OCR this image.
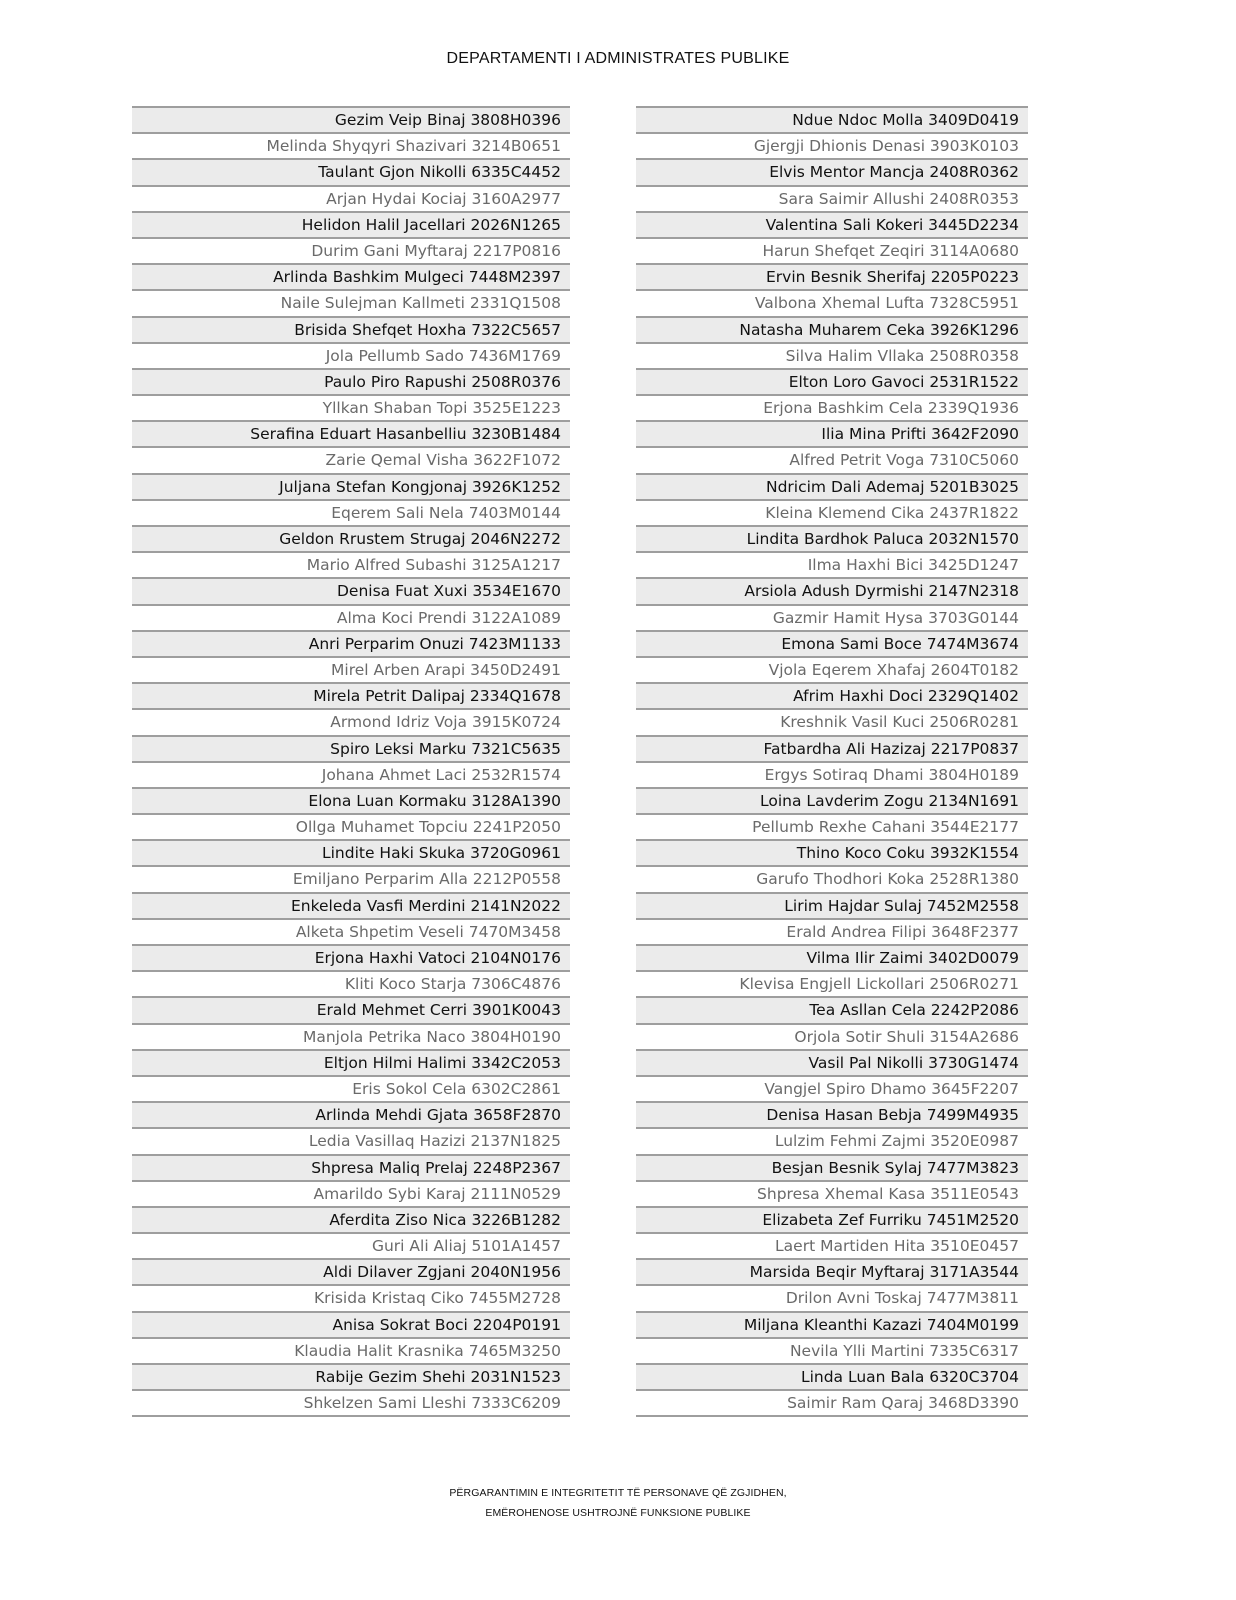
DEPARTAMENTI I ADMINISTRATES PUBLIKE
Gezim Veip Binaj 3808H0396
Melinda Shyqyri Shazivari 3214B0651
Taulant Gjon Nikolli 6335C4452
Arjan Hydai Kociaj 3160A2977
Helidon Halil Jacellari 2026N1265
Durim Gani Myftaraj 2217P0816
Arlinda Bashkim Mulgeci 7448M2397
Naile Sulejman Kallmeti 2331Q1508
Brisida Shefqet Hoxha 7322C5657
Jola Pellumb Sado 7436M1769
Paulo Piro Rapushi 2508R0376
Yllkan Shaban Topi 3525E1223
Serafina Eduart Hasanbelliu 3230B1484
Zarie Qemal Visha 3622F1072
Juljana Stefan Kongjonaj 3926K1252
Eqerem Sali Nela 7403M0144
Geldon Rrustem Strugaj 2046N2272
Mario Alfred Subashi 3125A1217
Denisa Fuat Xuxi 3534E1670
Alma Koci Prendi 3122A1089
Anri Perparim Onuzi 7423M1133
Mirel Arben Arapi 3450D2491
Mirela Petrit Dalipaj 2334Q1678
Armond Idriz Voja 3915K0724
Spiro Leksi Marku 7321C5635
Johana Ahmet Laci 2532R1574
Elona Luan Kormaku 3128A1390
Ollga Muhamet Topciu 2241P2050
Lindite Haki Skuka 3720G0961
Emiljano Perparim Alla 2212P0558
Enkeleda Vasfi Merdini 2141N2022
Alketa Shpetim Veseli 7470M3458
Erjona Haxhi Vatoci 2104N0176
Kliti Koco Starja 7306C4876
Erald Mehmet Cerri 3901K0043
Manjola Petrika Naco 3804H0190
Eltjon Hilmi Halimi 3342C2053
Eris Sokol Cela 6302C2861
Arlinda Mehdi Gjata 3658F2870
Ledia Vasillaq Hazizi 2137N1825
Shpresa Maliq Prelaj 2248P2367
Amarildo Sybi Karaj 2111N0529
Aferdita Ziso Nica 3226B1282
Guri Ali Aliaj 5101A1457
Aldi Dilaver Zgjani 2040N1956
Krisida Kristaq Ciko 7455M2728
Anisa Sokrat Boci 2204P0191
Klaudia Halit Krasnika 7465M3250
Rabije Gezim Shehi 2031N1523
Shkelzen Sami Lleshi 7333C6209
Ndue Ndoc Molla 3409D0419
Gjergji Dhionis Denasi 3903K0103
Elvis Mentor Mancja 2408R0362
Sara Saimir Allushi 2408R0353
Valentina Sali Kokeri 3445D2234
Harun Shefqet Zeqiri 3114A0680
Ervin Besnik Sherifaj 2205P0223
Valbona Xhemal Lufta 7328C5951
Natasha Muharem Ceka 3926K1296
Silva Halim Vllaka 2508R0358
Elton Loro Gavoci 2531R1522
Erjona Bashkim Cela 2339Q1936
Ilia Mina Prifti 3642F2090
Alfred Petrit Voga 7310C5060
Ndricim Dali Ademaj 5201B3025
Kleina Klemend Cika 2437R1822
Lindita Bardhok Paluca 2032N1570
Ilma Haxhi Bici 3425D1247
Arsiola Adush Dyrmishi 2147N2318
Gazmir Hamit Hysa 3703G0144
Emona Sami Boce 7474M3674
Vjola Eqerem Xhafaj 2604T0182
Afrim Haxhi Doci 2329Q1402
Kreshnik Vasil Kuci 2506R0281
Fatbardha Ali Hazizaj 2217P0837
Ergys Sotiraq Dhami 3804H0189
Loina Lavderim Zogu 2134N1691
Pellumb Rexhe Cahani 3544E2177
Thino Koco Coku 3932K1554
Garufo Thodhori Koka 2528R1380
Lirim Hajdar Sulaj 7452M2558
Erald Andrea Filipi 3648F2377
Vilma Ilir Zaimi 3402D0079
Klevisa Engjell Lickollari 2506R0271
Tea Asllan Cela 2242P2086
Orjola Sotir Shuli 3154A2686
Vasil Pal Nikolli 3730G1474
Vangjel Spiro Dhamo 3645F2207
Denisa Hasan Bebja 7499M4935
Lulzim Fehmi Zajmi 3520E0987
Besjan Besnik Sylaj 7477M3823
Shpresa Xhemal Kasa 3511E0543
Elizabeta Zef Furriku 7451M2520
Laert Martiden Hita 3510E0457
Marsida Beqir Myftaraj 3171A3544
Drilon Avni Toskaj 7477M3811
Miljana Kleanthi Kazazi 7404M0199
Nevila Ylli Martini 7335C6317
Linda Luan Bala 6320C3704
Saimir Ram Qaraj 3468D3390
PËRGARANTIMIN E INTEGRITETIT TË PERSONAVE QË ZGJIDHEN,
EMËROHENOSE USHTROJNË FUNKSIONE PUBLIKE
